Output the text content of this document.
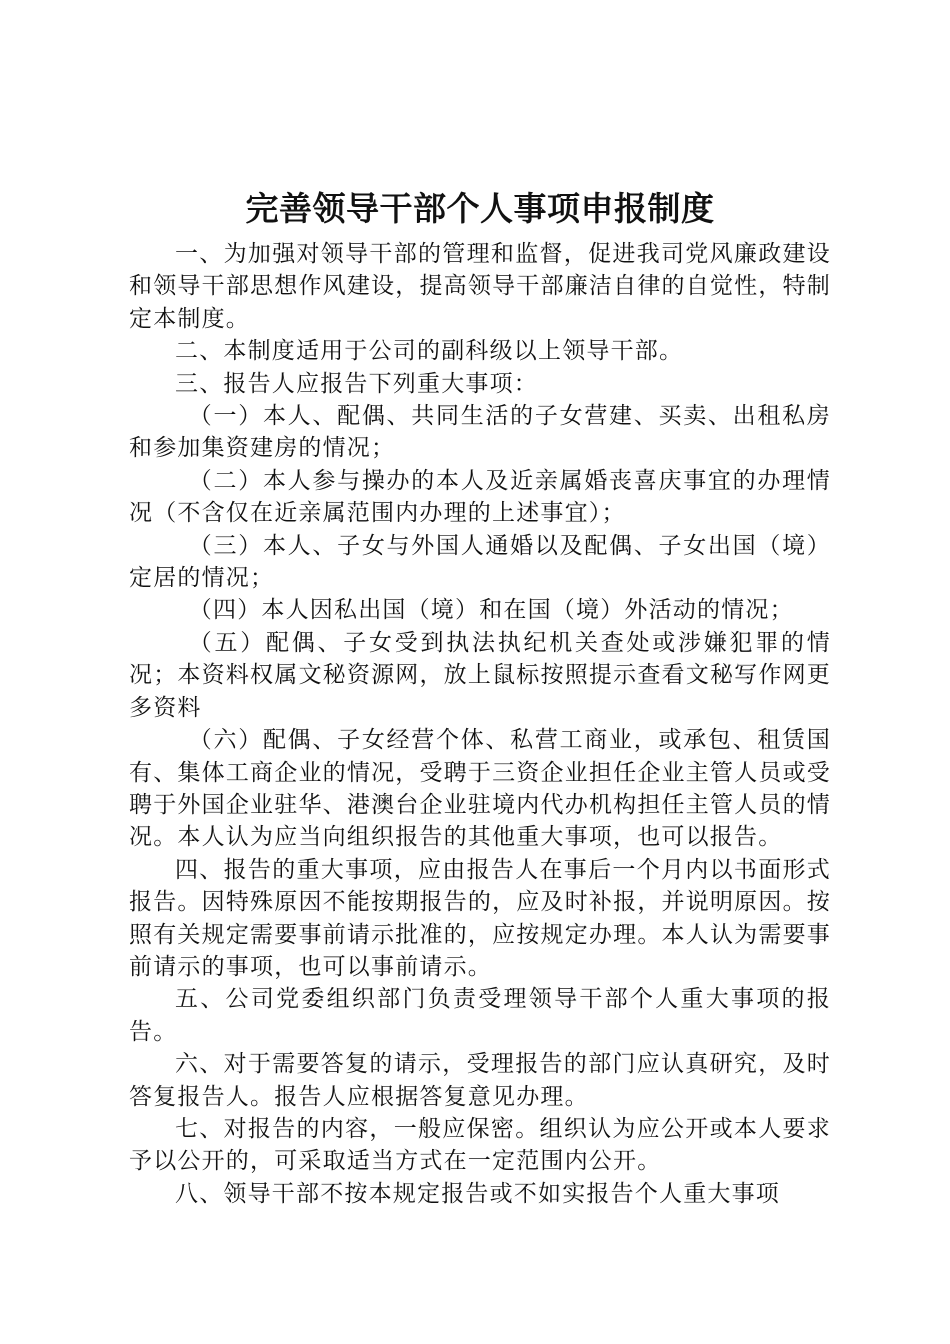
完善领导干部个人事项申报制度

一、为加强对领导干部的管理和监督，促进我司党风廉政建设和领导干部思想作风建设，提高领导干部廉洁自律的自觉性，特制定本制度。

二、本制度适用于公司的副科级以上领导干部。

三、报告人应报告下列重大事项：

（一）本人、配偶、共同生活的子女营建、买卖、出租私房和参加集资建房的情况；

（二）本人参与操办的本人及近亲属婚丧喜庆事宜的办理情况（不含仅在近亲属范围内办理的上述事宜）；

（三）本人、子女与外国人通婚以及配偶、子女出国（境）定居的情况；

（四）本人因私出国（境）和在国（境）外活动的情况；

（五）配偶、子女受到执法执纪机关查处或涉嫌犯罪的情况；本资料权属文秘资源网，放上鼠标按照提示查看文秘写作网更多资料

（六）配偶、子女经营个体、私营工商业，或承包、租赁国有、集体工商企业的情况，受聘于三资企业担任企业主管人员或受聘于外国企业驻华、港澳台企业驻境内代办机构担任主管人员的情况。本人认为应当向组织报告的其他重大事项，也可以报告。

四、报告的重大事项，应由报告人在事后一个月内以书面形式报告。因特殊原因不能按期报告的，应及时补报，并说明原因。按照有关规定需要事前请示批准的，应按规定办理。本人认为需要事前请示的事项，也可以事前请示。

五、公司党委组织部门负责受理领导干部个人重大事项的报告。

六、对于需要答复的请示，受理报告的部门应认真研究，及时答复报告人。报告人应根据答复意见办理。

七、对报告的内容，一般应保密。组织认为应公开或本人要求予以公开的，可采取适当方式在一定范围内公开。

八、领导干部不按本规定报告或不如实报告个人重大事项
